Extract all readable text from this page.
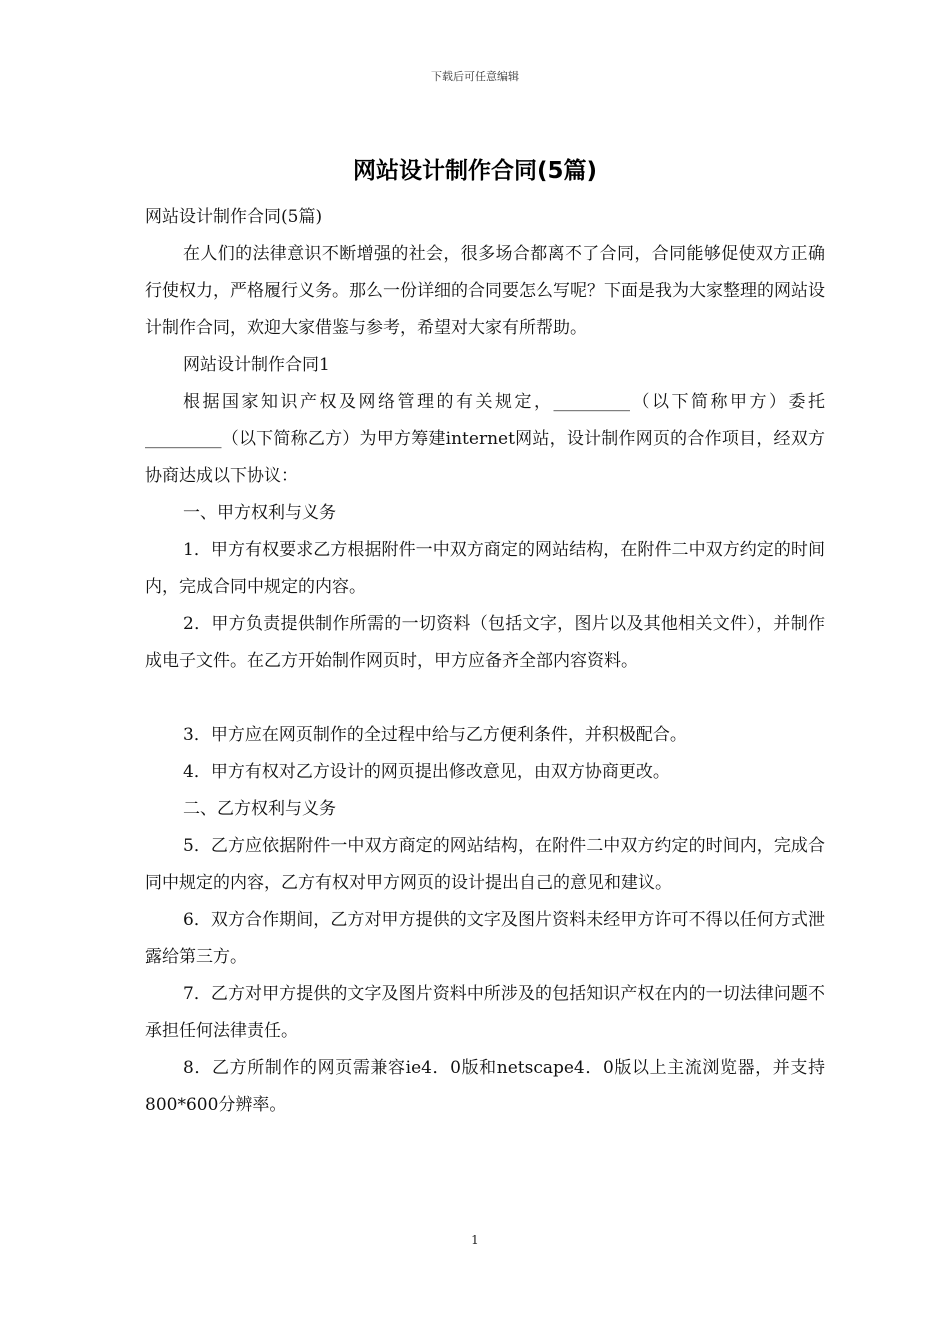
下载后可任意编辑
网站设计制作合同(5篇)

网站设计制作合同(5篇)

在人们的法律意识不断增强的社会，很多场合都离不了合同，合同能够促使双方正确行使权力，严格履行义务。那么一份详细的合同要怎么写呢？下面是我为大家整理的网站设计制作合同，欢迎大家借鉴与参考，希望对大家有所帮助。

网站设计制作合同1

根据国家知识产权及网络管理的有关规定，_________（以下简称甲方）委托_________（以下简称乙方）为甲方筹建internet网站，设计制作网页的合作项目，经双方协商达成以下协议：

一、甲方权利与义务

1．甲方有权要求乙方根据附件一中双方商定的网站结构，在附件二中双方约定的时间内，完成合同中规定的内容。

2．甲方负责提供制作所需的一切资料（包括文字，图片以及其他相关文件），并制作成电子文件。在乙方开始制作网页时，甲方应备齐全部内容资料。

3．甲方应在网页制作的全过程中给与乙方便利条件，并积极配合。

4．甲方有权对乙方设计的网页提出修改意见，由双方协商更改。

二、乙方权利与义务

5．乙方应依据附件一中双方商定的网站结构，在附件二中双方约定的时间内，完成合同中规定的内容，乙方有权对甲方网页的设计提出自己的意见和建议。

6．双方合作期间，乙方对甲方提供的文字及图片资料未经甲方许可不得以任何方式泄露给第三方。

7．乙方对甲方提供的文字及图片资料中所涉及的包括知识产权在内的一切法律问题不承担任何法律责任。

8．乙方所制作的网页需兼容ie4．0版和netscape4．0版以上主流浏览器，并支持800*600分辨率。

1
